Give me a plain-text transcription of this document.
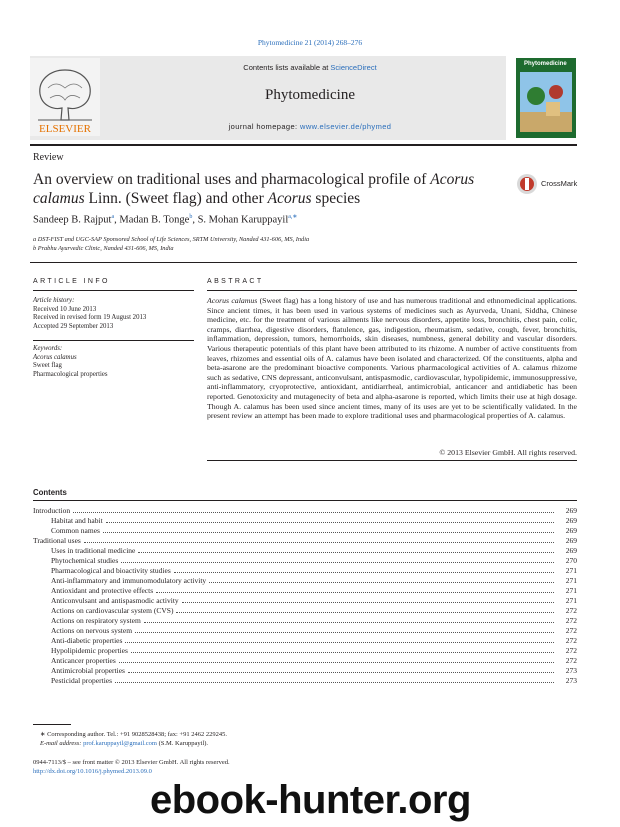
Phytomedicine 21 (2014) 268–276
ELSEVIER
Contents lists available at ScienceDirect
Phytomedicine
journal homepage: www.elsevier.de/phymed
Phytomedicine
Review
An overview on traditional uses and pharmacological profile of Acorus calamus Linn. (Sweet flag) and other Acorus species
CrossMark
Sandeep B. Rajput$^a$, Madan B. Tonge$^b$, S. Mohan Karuppayil$^{a,∗}$
a DST-FIST and UGC-SAP Sponsored School of Life Sciences, SRTM University, Nanded 431-606, MS, India
b Prabhu Ayurvedic Clinic, Nanded 431-606, MS, India
ARTICLE INFO
Article history:
Received 10 June 2013
Received in revised form 19 August 2013
Accepted 29 September 2013
Keywords:
Acorus calamus
Sweet flag
Pharmacological properties
ABSTRACT
Acorus calamus (Sweet flag) has a long history of use and has numerous traditional and ethnomedicinal applications. Since ancient times, it has been used in various systems of medicines such as Ayurveda, Unani, Siddha, Chinese medicine, etc. for the treatment of various ailments like nervous disorders, appetite loss, bronchitis, chest pain, colic, cramps, diarrhea, digestive disorders, flatulence, gas, indigestion, rheumatism, sedative, cough, fever, bronchitis, inflammation, depression, tumors, hemorrhoids, skin diseases, numbness, general debility and vascular disorders. Various therapeutic potentials of this plant have been attributed to its rhizome. A number of active constituents from leaves, rhizomes and essential oils of A. calamus have been isolated and characterized. Of the constituents, alpha and beta-asarone are the predominant bioactive components. Various pharmacological activities of A. calamus rhizome such as sedative, CNS depressant, anticonvulsant, antispasmodic, cardiovascular, hypolipidemic, immunosuppressive, anti-inflammatory, cryoprotective, antioxidant, antidiarrheal, antimicrobial, anticancer and antidiabetic has been reported. Genotoxicity and mutagenecity of beta and alpha-asarone is reported, which limits their use at high dosage. Though A. calamus has been used since ancient times, many of its uses are yet to be scientifically validated. In the present review an attempt has been made to explore traditional uses and pharmacological properties of A. calamus.
© 2013 Elsevier GmbH. All rights reserved.
Contents
Introduction	269
Habitat and habit	269
Common names	269
Traditional uses	269
Uses in traditional medicine	269
Phytochemical studies	270
Pharmacological and bioactivity studies	271
Anti-inflammatory and immunomodulatory activity	271
Antioxidant and protective effects	271
Anticonvulsant and antispasmodic activity	271
Actions on cardiovascular system (CVS)	272
Actions on respiratory system	272
Actions on nervous system	272
Anti-diabetic properties	272
Hypolipidemic properties	272
Anticancer properties	272
Antimicrobial properties	273
Pesticidal properties	273
∗ Corresponding author. Tel.: +91 9028528438; fax: +91 2462 229245.
E-mail address: prof.karuppayil@gmail.com (S.M. Karuppayil).
0944-7113/$ – see front matter © 2013 Elsevier GmbH. All rights reserved.
http://dx.doi.org/10.1016/j.phymed.2013.09.0
ebook-hunter.org
